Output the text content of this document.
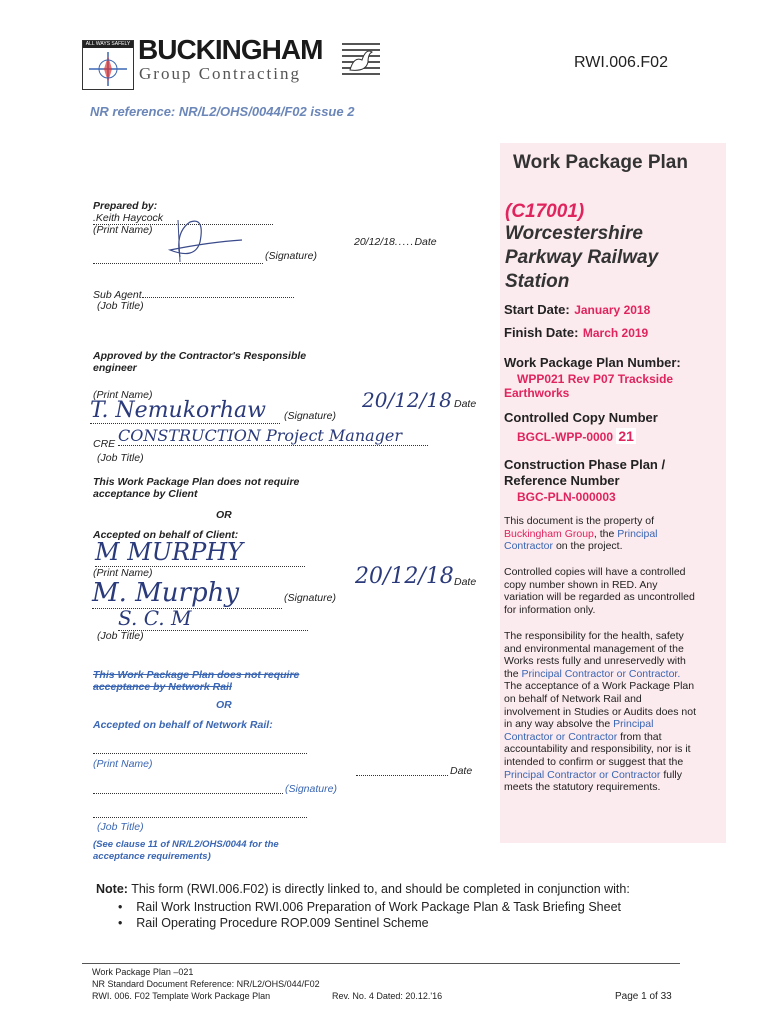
ALL WAYS SAFELY BUCKINGHAM
Group Contracting
RWI.006.F02
NR reference: NR/L2/OHS/0044/F02 issue 2
Work Package Plan
(C17001)
Worcestershire Parkway Railway Station
Start Date: January 2018
Finish Date: March 2019
Work Package Plan Number:
WPP021 Rev P07 Trackside
Earthworks
Controlled Copy Number
BGCL-WPP-0000 21
Construction Phase Plan /
Reference Number
BGC-PLN-000003
This document is the property of
Buckingham Group, the Principal
Contractor on the project.
Controlled copies will have a controlled
copy number shown in RED. Any
variation will be regarded as uncontrolled
for information only.
The responsibility for the health, safety
and environmental management of the
Works rests fully and unreservedly with
the Principal Contractor or Contractor.
The acceptance of a Work Package Plan
on behalf of Network Rail and
involvement in Studies or Audits does not
in any way absolve the Principal
Contractor or Contractor from that
accountability and responsibility, nor is it
intended to confirm or suggest that the
Principal Contractor or Contractor fully
meets the statutory requirements.
Prepared by:
.Keith Haycock
(Print Name)
(Signature)
20/12/18.....Date
Sub Agent
(Job Title)
Approved by the Contractor's Responsible
engineer
(Print Name)
T. Nemukorhaw	(Signature)
20/12/18 Date
CRE CONSTRUCTION Project Manager
(Job Title)
This Work Package Plan does not require
acceptance by Client
OR
Accepted on behalf of Client:
M MURPHY
(Print Name)
M. Murphy	(Signature)
20/12/18 Date
S. C. M
(Job Title)
This Work Package Plan does not require
acceptance by Network Rail
OR
Accepted on behalf of Network Rail:
(Print Name)
Date
(Signature)
(Job Title)
(See clause 11 of NR/L2/OHS/0044 for the
acceptance requirements)
Note: This form (RWI.006.F02) is directly linked to, and should be completed in conjunction with:
•    Rail Work Instruction RWI.006 Preparation of Work Package Plan & Task Briefing Sheet
•    Rail Operating Procedure ROP.009 Sentinel Scheme
Work Package Plan –021
NR Standard Document Reference: NR/L2/OHS/044/F02
RWI. 006. F02 Template Work Package Plan	Rev. No. 4 Dated: 20.12.'16	Page 1 of 33
